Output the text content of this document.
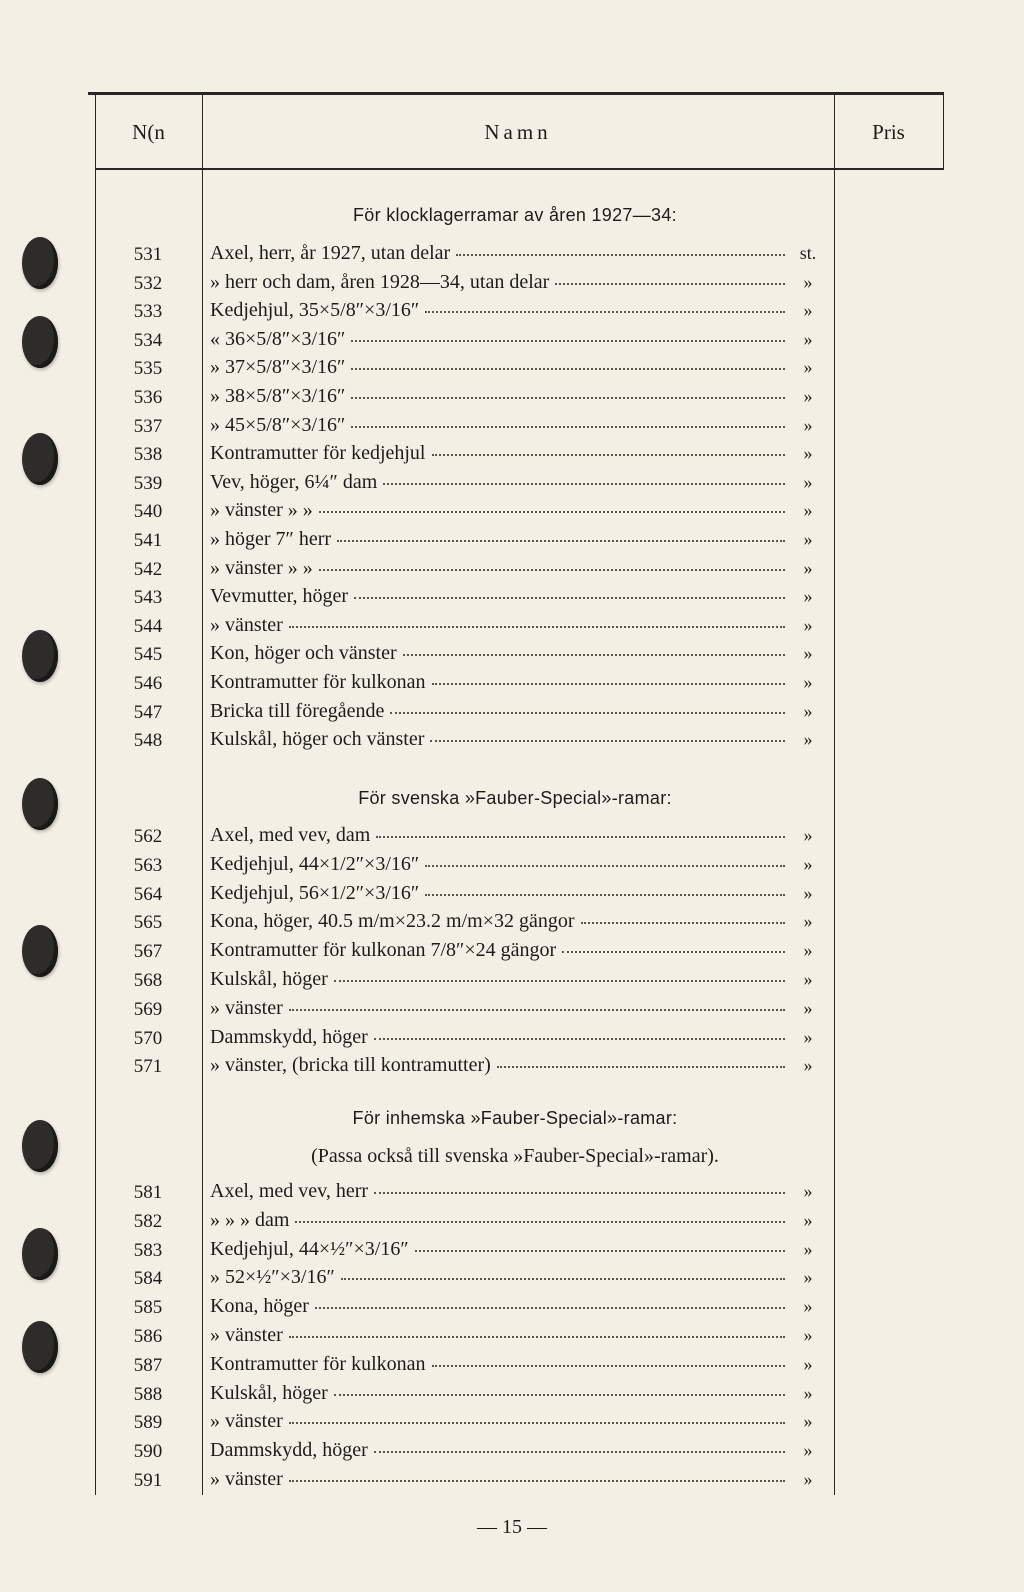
N(n	Namn	Pris
För klocklagerramar av åren 1927—34:
För svenska »Fauber-Special»-ramar:
För inhemska »Fauber-Special»-ramar:
(Passa också till svenska »Fauber-Special»-ramar).
531	Axel, herr, år 1927, utan delar	st.
532	» herr och dam, åren 1928—34, utan delar	»
533	Kedjehjul, 35×5/8″×3/16″	»
534	« 36×5/8″×3/16″	»
535	» 37×5/8″×3/16″	»
536	» 38×5/8″×3/16″	»
537	» 45×5/8″×3/16″	»
538	Kontramutter för kedjehjul	»
539	Vev, höger, 6¼″ dam	»
540	» vänster » »	»
541	» höger 7″ herr	»
542	» vänster » »	»
543	Vevmutter, höger	»
544	» vänster	»
545	Kon, höger och vänster	»
546	Kontramutter för kulkonan	»
547	Bricka till föregående	»
548	Kulskål, höger och vänster	»
562	Axel, med vev, dam	»
563	Kedjehjul, 44×1/2″×3/16″	»
564	Kedjehjul, 56×1/2″×3/16″	»
565	Kona, höger, 40.5 m/m×23.2 m/m×32 gängor	»
567	Kontramutter för kulkonan 7/8″×24 gängor	»
568	Kulskål, höger	»
569	» vänster	»
570	Dammskydd, höger	»
571	» vänster, (bricka till kontramutter)	»
581	Axel, med vev, herr	»
582	» » » dam	»
583	Kedjehjul, 44×½″×3/16″	»
584	» 52×½″×3/16″	»
585	Kona, höger	»
586	» vänster	»
587	Kontramutter för kulkonan	»
588	Kulskål, höger	»
589	» vänster	»
590	Dammskydd, höger	»
591	» vänster	»
— 15 —
